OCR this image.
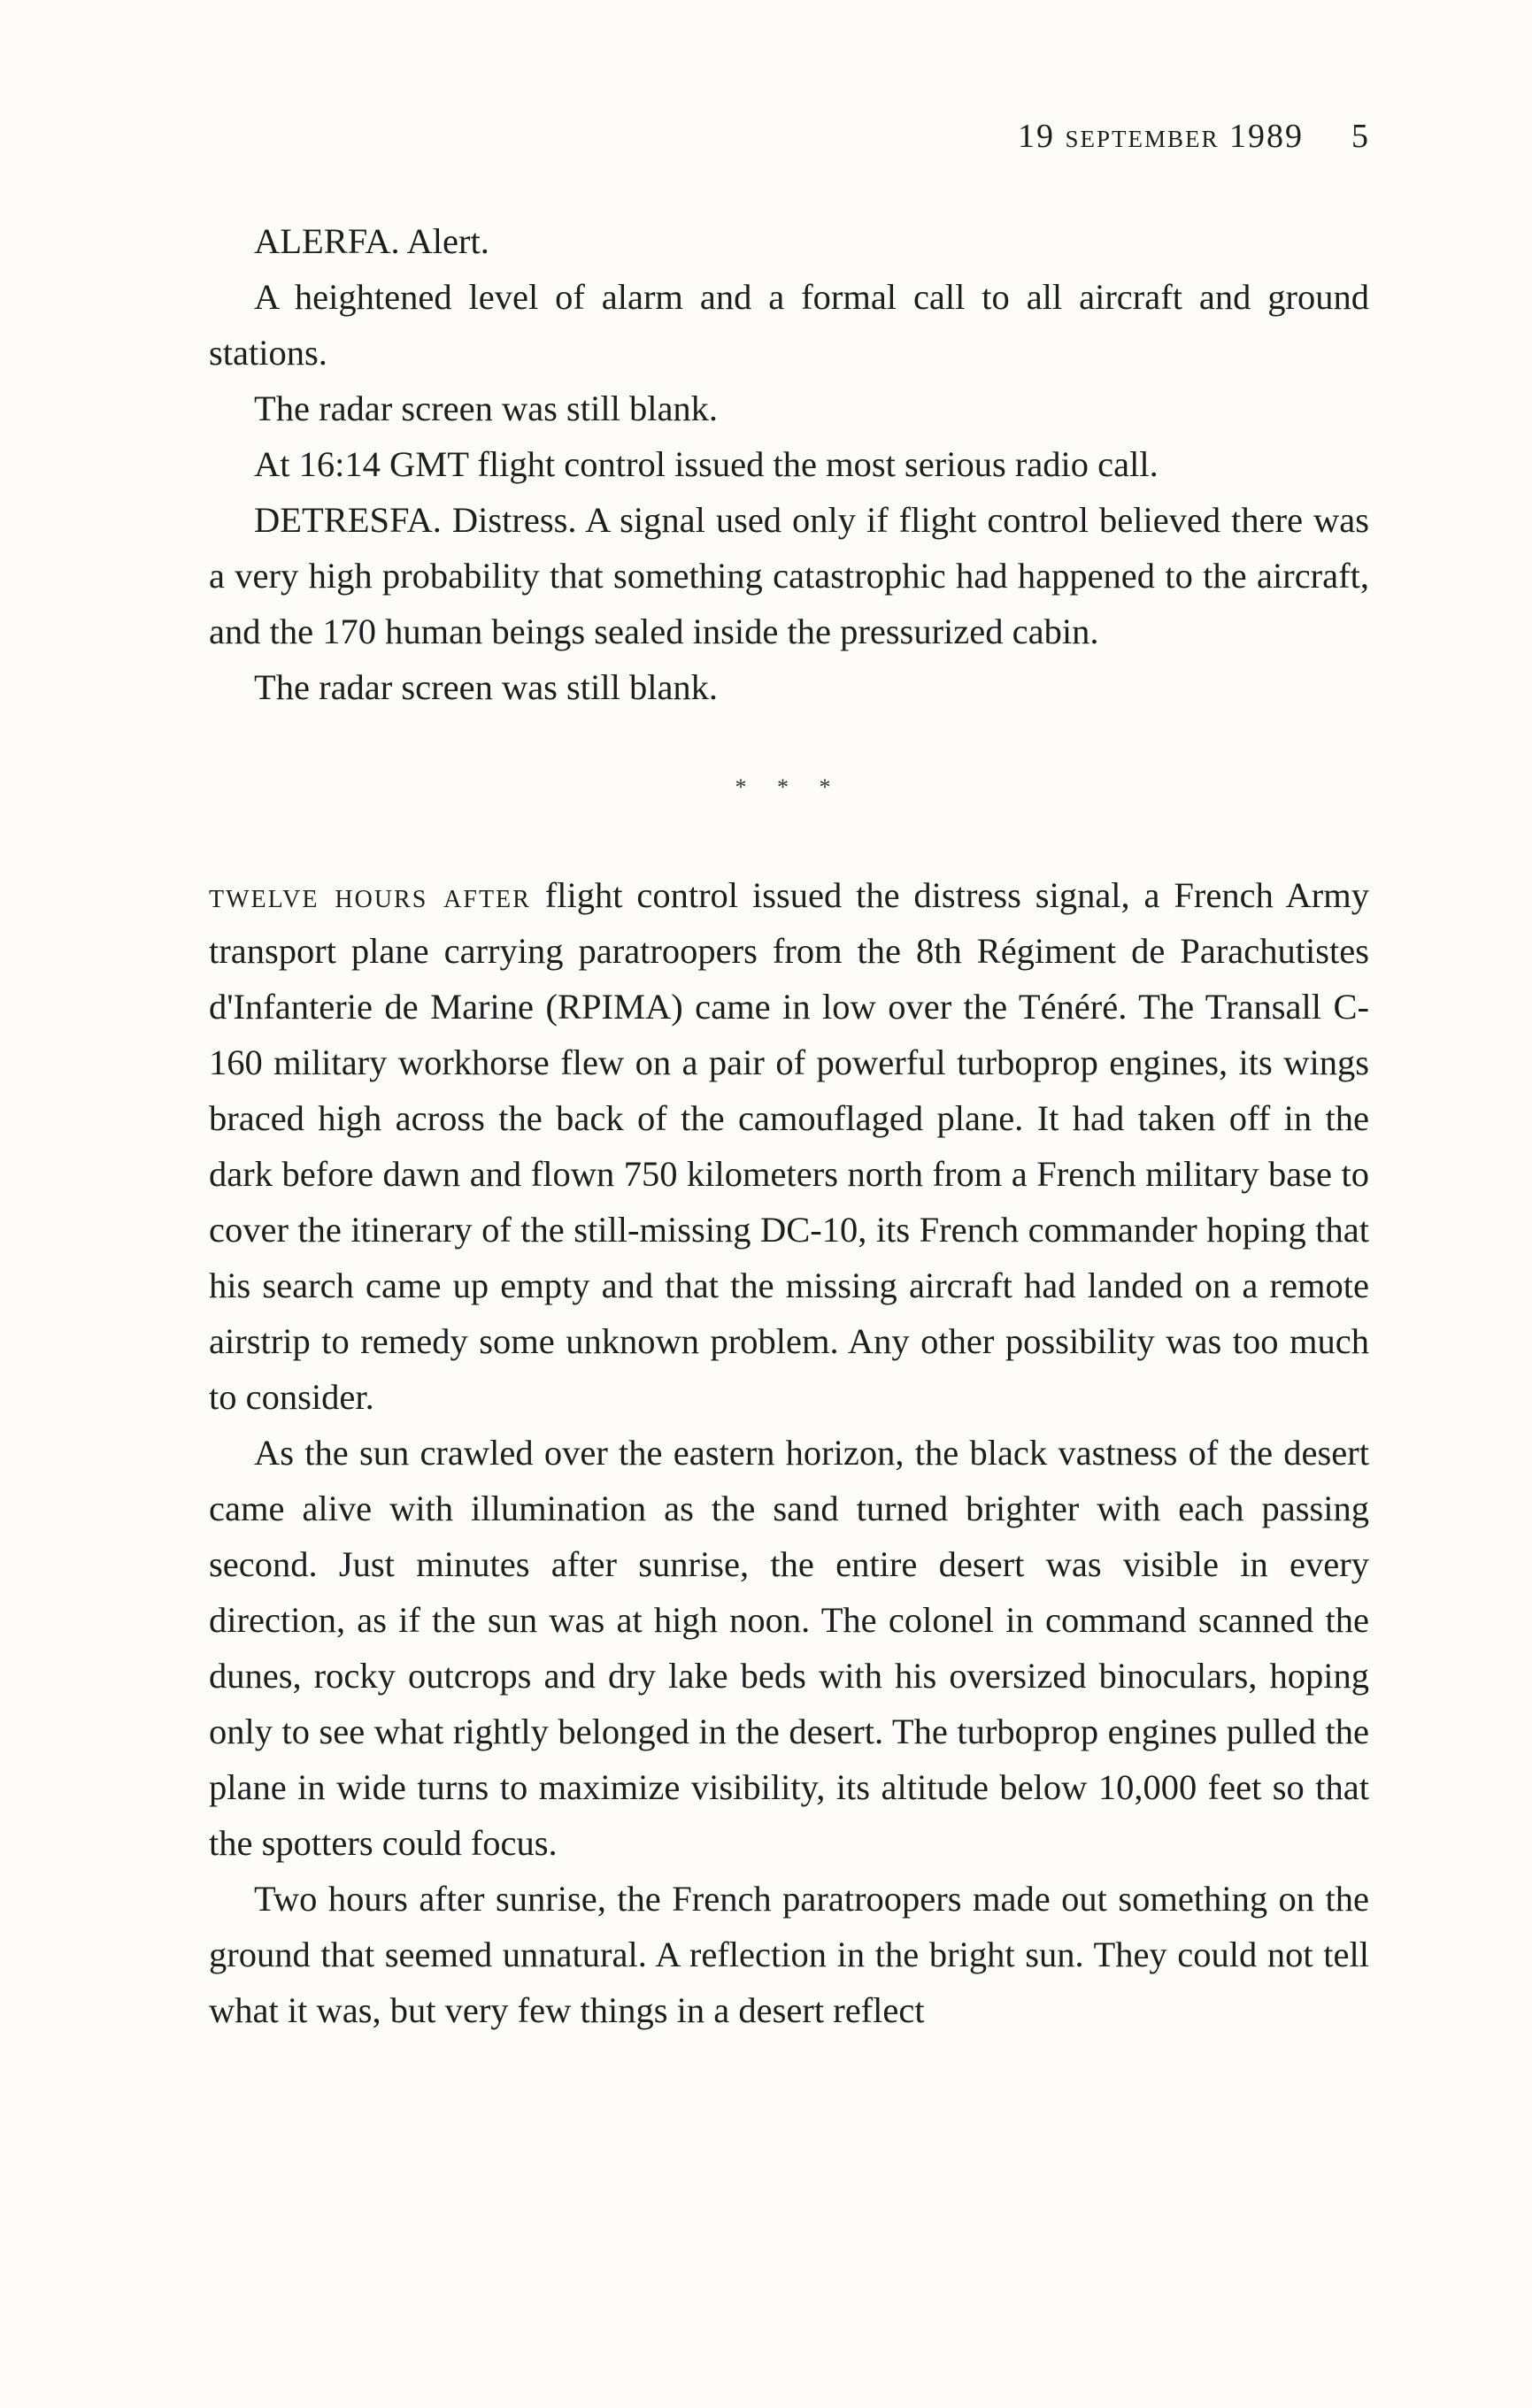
19 september 1989 5

ALERFA. Alert.

A heightened level of alarm and a formal call to all aircraft and ground stations.

The radar screen was still blank.

At 16:14 GMT flight control issued the most serious radio call.

DETRESFA. Distress. A signal used only if flight control believed there was a very high probability that something catastrophic had happened to the aircraft, and the 170 human beings sealed inside the pressurized cabin.

The radar screen was still blank.

* * *

twelve hours after flight control issued the distress signal, a French Army transport plane carrying paratroopers from the 8th Régiment de Parachutistes d'Infanterie de Marine (RPIMA) came in low over the Ténéré. The Transall C-160 military workhorse flew on a pair of powerful turboprop engines, its wings braced high across the back of the camouflaged plane. It had taken off in the dark before dawn and flown 750 kilometers north from a French military base to cover the itinerary of the still-missing DC-10, its French commander hoping that his search came up empty and that the missing aircraft had landed on a remote airstrip to remedy some unknown problem. Any other possibility was too much to consider.

As the sun crawled over the eastern horizon, the black vastness of the desert came alive with illumination as the sand turned brighter with each passing second. Just minutes after sunrise, the entire desert was visible in every direction, as if the sun was at high noon. The colonel in command scanned the dunes, rocky outcrops and dry lake beds with his oversized binoculars, hoping only to see what rightly belonged in the desert. The turboprop engines pulled the plane in wide turns to maximize visibility, its altitude below 10,000 feet so that the spotters could focus.

Two hours after sunrise, the French paratroopers made out something on the ground that seemed unnatural. A reflection in the bright sun. They could not tell what it was, but very few things in a desert reflect
